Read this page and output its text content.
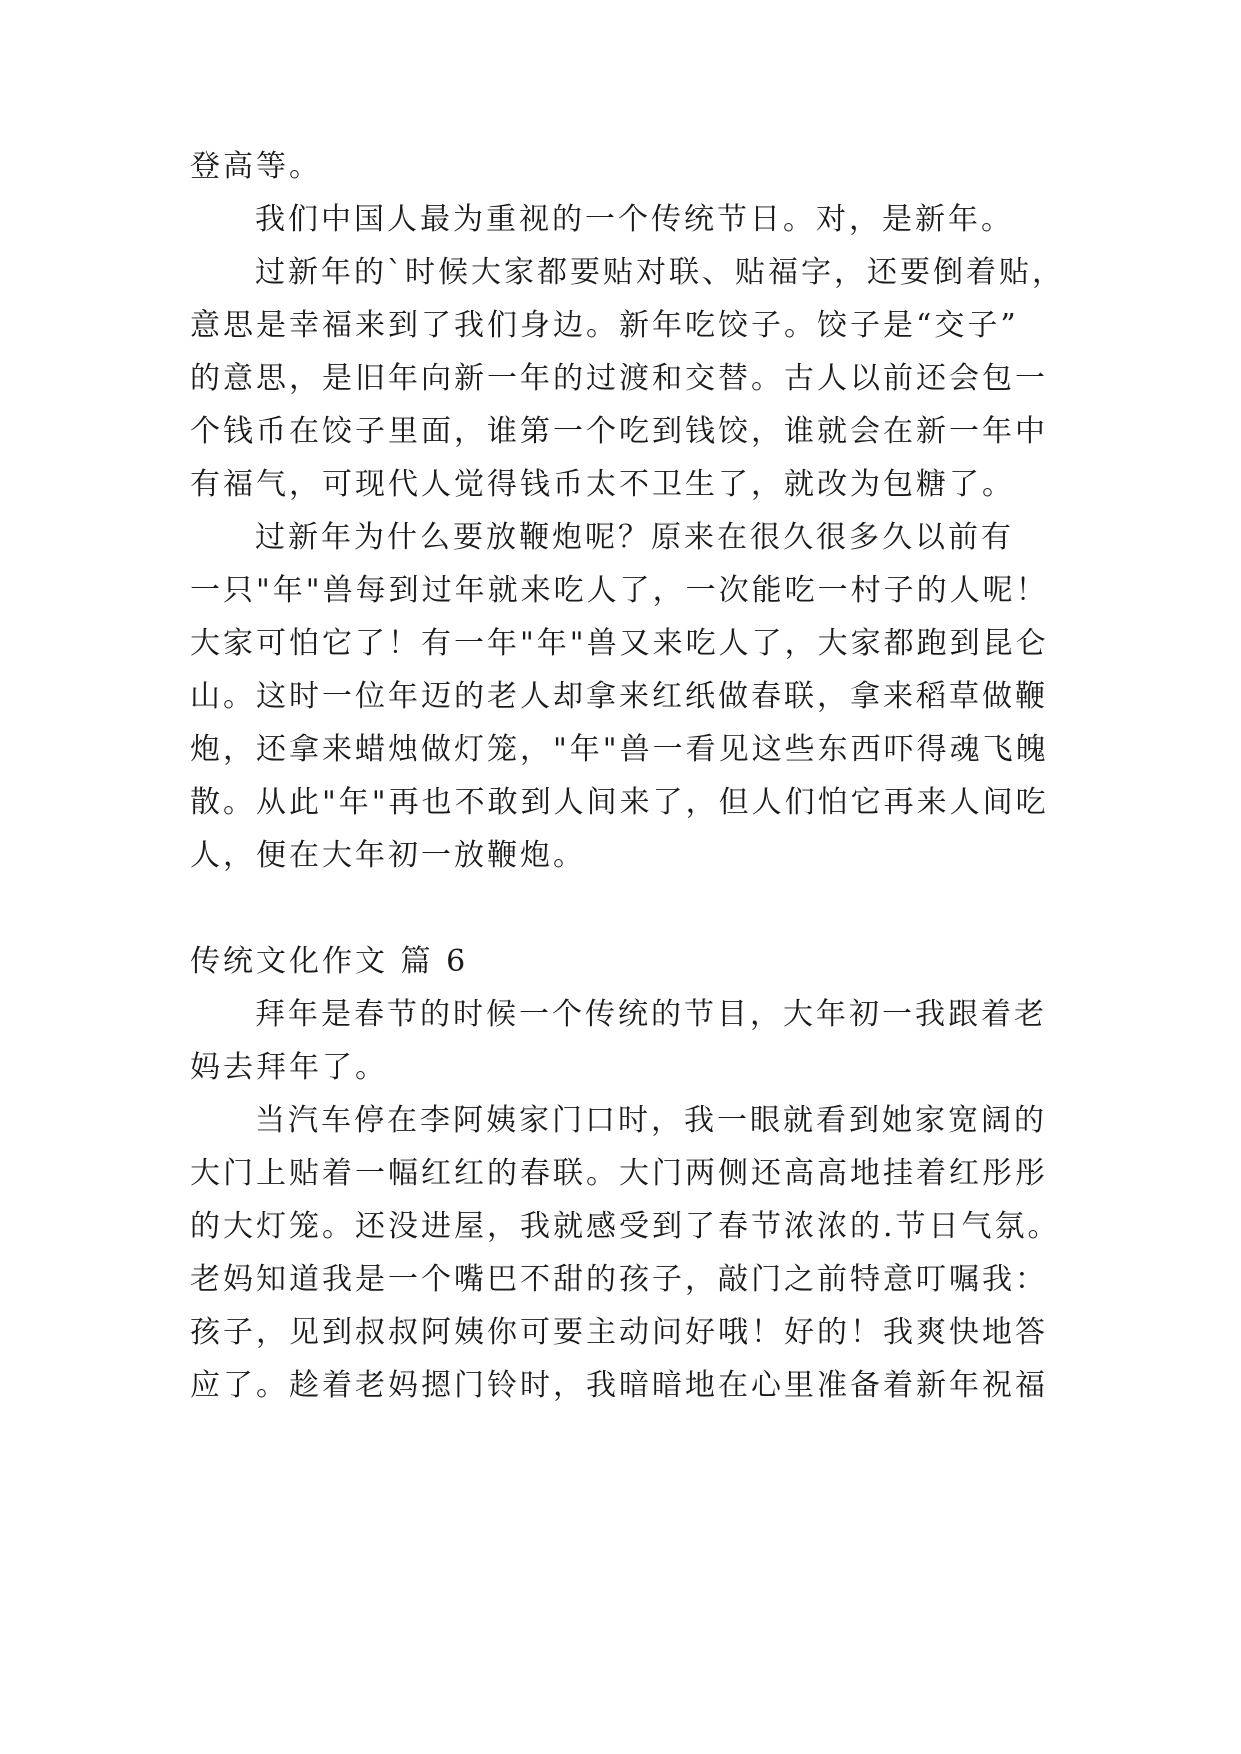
登高等。
我们中国人最为重视的一个传统节日。对，是新年。
过新年的`时候大家都要贴对联、贴福字，还要倒着贴，
意思是幸福来到了我们身边。新年吃饺子。饺子是“交子”
的意思，是旧年向新一年的过渡和交替。古人以前还会包一
个钱币在饺子里面，谁第一个吃到钱饺，谁就会在新一年中
有福气，可现代人觉得钱币太不卫生了，就改为包糖了。
过新年为什么要放鞭炮呢？原来在很久很多久以前有
一只"年"兽每到过年就来吃人了，一次能吃一村子的人呢！
大家可怕它了！有一年"年"兽又来吃人了，大家都跑到昆仑
山。这时一位年迈的老人却拿来红纸做春联，拿来稻草做鞭
炮，还拿来蜡烛做灯笼，"年"兽一看见这些东西吓得魂飞魄
散。从此"年"再也不敢到人间来了，但人们怕它再来人间吃
人，便在大年初一放鞭炮。
传统文化作文 篇 6
拜年是春节的时候一个传统的节目，大年初一我跟着老
妈去拜年了。
当汽车停在李阿姨家门口时，我一眼就看到她家宽阔的
大门上贴着一幅红红的春联。大门两侧还高高地挂着红彤彤
的大灯笼。还没进屋，我就感受到了春节浓浓的.节日气氛。
老妈知道我是一个嘴巴不甜的孩子，敲门之前特意叮嘱我：
孩子，见到叔叔阿姨你可要主动问好哦！好的！我爽快地答
应了。趁着老妈摁门铃时，我暗暗地在心里准备着新年祝福
